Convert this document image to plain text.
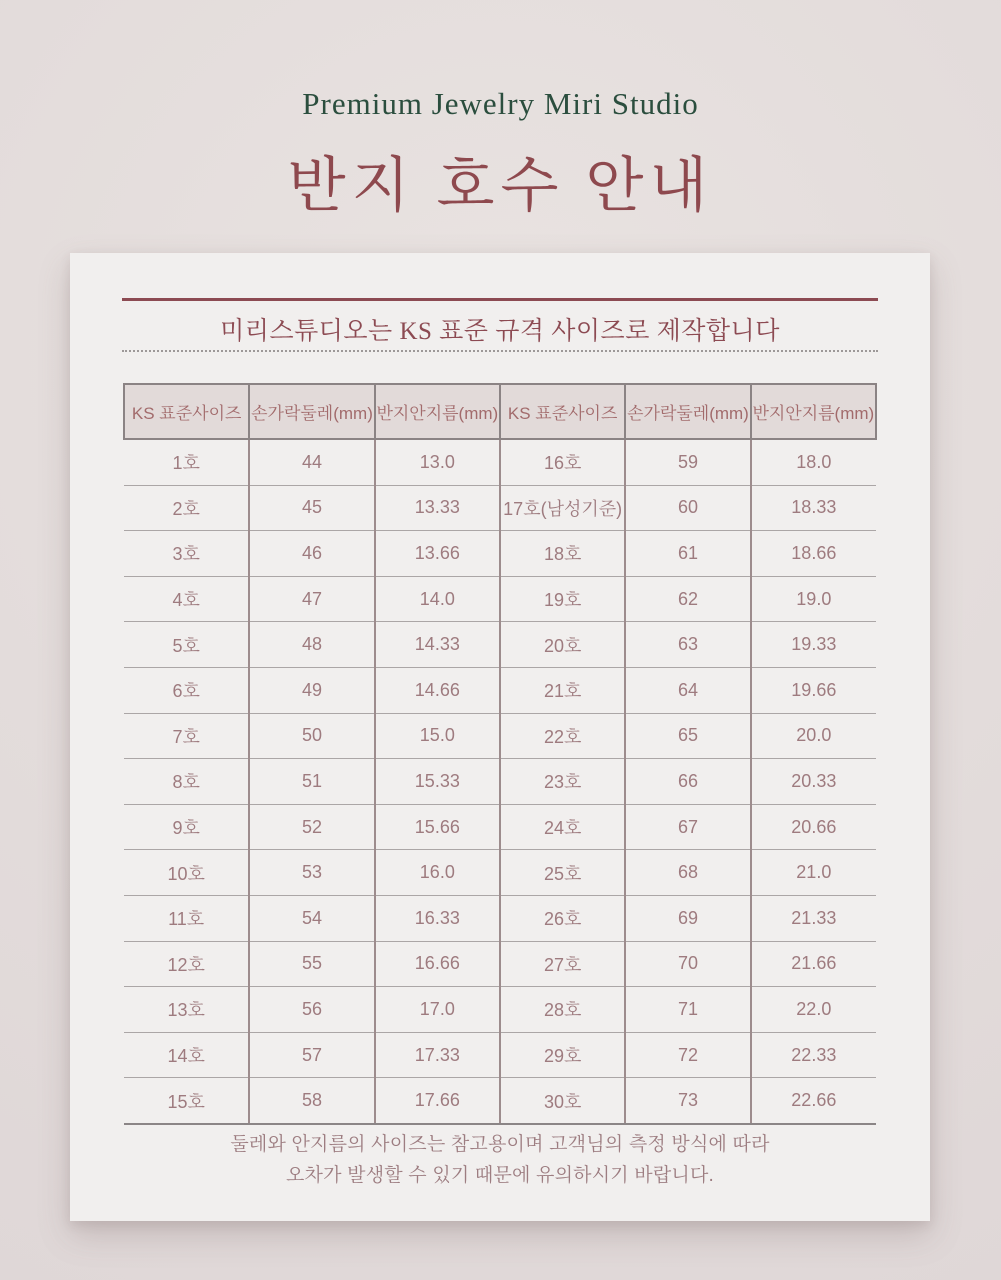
Premium Jewelry Miri Studio
반지 호수 안내
미리스튜디오는 KS 표준 규격 사이즈로 제작합니다
KS 표준사이즈	손가락둘레(mm)	반지안지름(mm)	KS 표준사이즈	손가락둘레(mm)	반지안지름(mm)
1호	44	13.0	16호	59	18.0
2호	45	13.33	17호(남성기준)	60	18.33
3호	46	13.66	18호	61	18.66
4호	47	14.0	19호	62	19.0
5호	48	14.33	20호	63	19.33
6호	49	14.66	21호	64	19.66
7호	50	15.0	22호	65	20.0
8호	51	15.33	23호	66	20.33
9호	52	15.66	24호	67	20.66
10호	53	16.0	25호	68	21.0
11호	54	16.33	26호	69	21.33
12호	55	16.66	27호	70	21.66
13호	56	17.0	28호	71	22.0
14호	57	17.33	29호	72	22.33
15호	58	17.66	30호	73	22.66
둘레와 안지름의 사이즈는 참고용이며 고객님의 측정 방식에 따라
오차가 발생할 수 있기 때문에 유의하시기 바랍니다.
